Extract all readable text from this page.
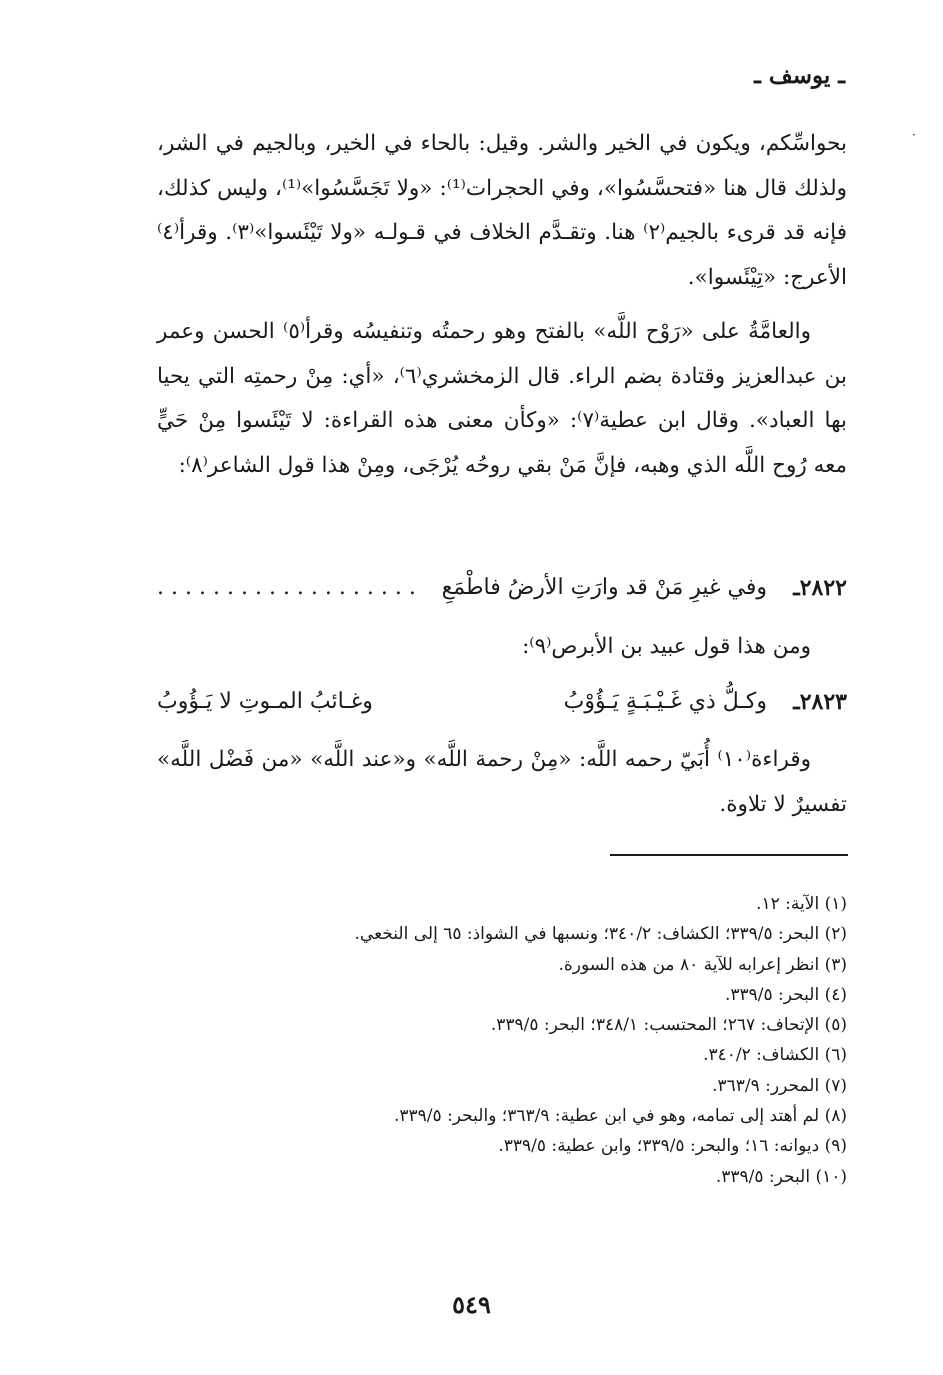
ـ يوسف ـ
·

بحواسِّكم، ويكون في الخير والشر. وقيل: بالحاء في الخير، وبالجيم في الشر، ولذلك قال هنا «فتحسَّسُوا»، وفي الحجرات⁽¹⁾: «ولا تَجَسَّسُوا»⁽¹⁾، وليس كذلك، فإنه قد قرىء بالجيم⁽٢⁾ هنا. وتقـدَّم الخلاف في قـولـه «ولا تَيْئَسوا»⁽٣⁾. وقرأ⁽٤⁾ الأعرج: «تِيْئَسوا».

والعامَّةُ على «رَوْح اللَّه» بالفتح وهو رحمتُه وتنفيسُه وقرأ⁽٥⁾ الحسن وعمر بن عبدالعزيز وقتادة بضم الراء. قال الزمخشري⁽٦⁾، «أي: مِنْ رحمتِه التي يحيا بها العباد». وقال ابن عطية⁽٧⁾: «وكأن معنى هذه القراءة: لا تَيْئَسوا مِنْ حَيٍّ معه رُوح اللَّه الذي وهبه، فإنَّ مَنْ بقي روحُه يُرْجَى، ومِنْ هذا قول الشاعر⁽٨⁾:

٢٨٢٢ـ
وفي غيرِ مَنْ قد وارَتِ الأرضُ فاطْمَعِ
...................
ومن هذا قول عبيد بن الأبرص⁽٩⁾:
٢٨٢٣ـ
وكـلُّ ذي غَـيْـبَـةٍ يَـؤُوْبُ
وغـائبُ المـوتِ لا يَـؤُوبُ

وقراءة⁽١٠⁾ أُبَيّ رحمه اللَّه: «مِنْ رحمة اللَّه» و«عند اللَّه» «من فَضْل اللَّه» تفسيرٌ لا تلاوة.

(١) الآية: ١٢.
(٢) البحر: ٣٣٩/٥؛ الكشاف: ٣٤٠/٢؛ ونسبها في الشواذ: ٦٥ إلى النخعي.
(٣) انظر إعرابه للآية ٨٠ من هذه السورة.
(٤) البحر: ٣٣٩/٥.
(٥) الإتحاف: ٢٦٧؛ المحتسب: ٣٤٨/١؛ البحر: ٣٣٩/٥.
(٦) الكشاف: ٣٤٠/٢.
(٧) المحرر: ٣٦٣/٩.
(٨) لم أهتد إلى تمامه، وهو في ابن عطية: ٣٦٣/٩؛ والبحر: ٣٣٩/٥.
(٩) ديوانه: ١٦؛ والبحر: ٣٣٩/٥؛ وابن عطية: ٣٣٩/٥.
(١٠) البحر: ٣٣٩/٥.
٥٤٩
